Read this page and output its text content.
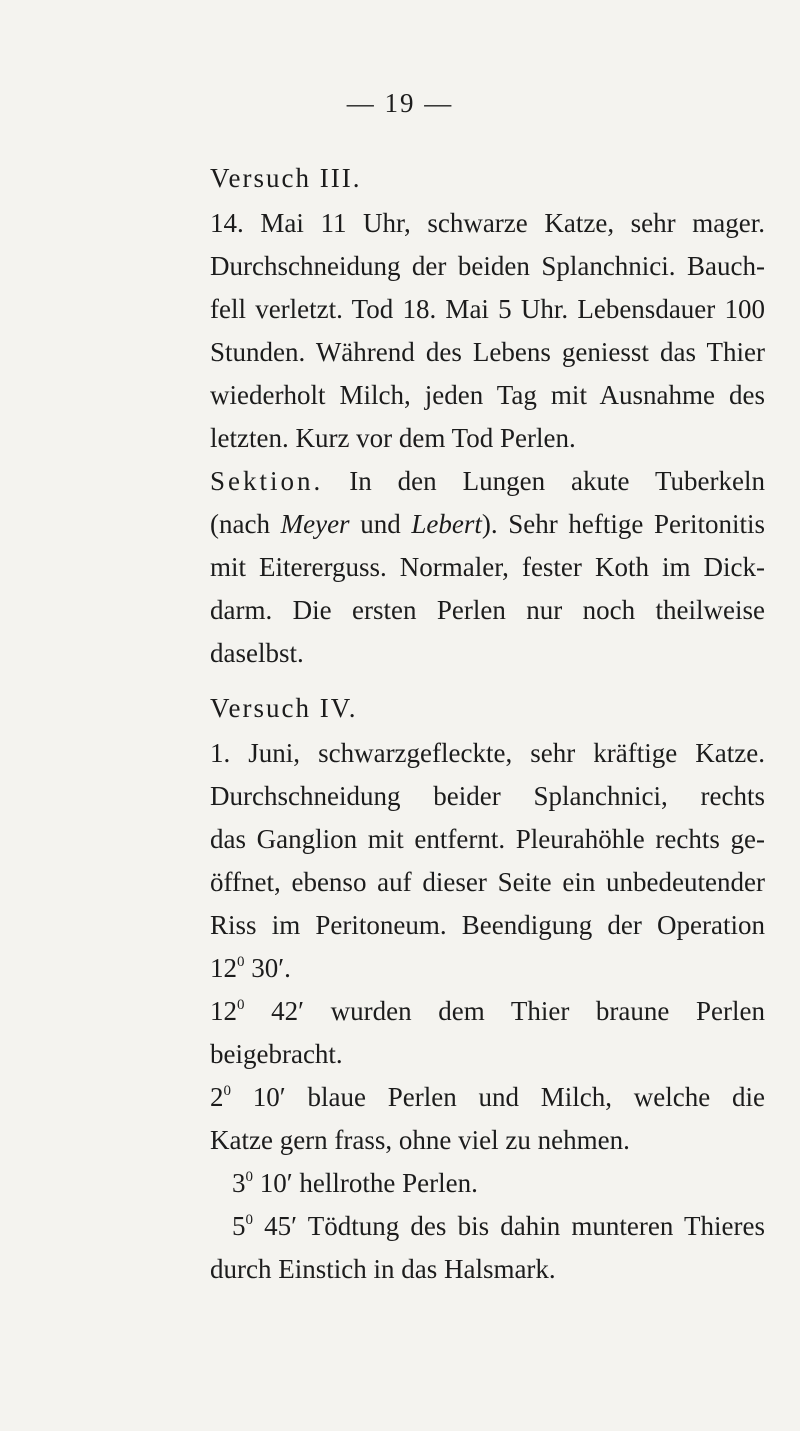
— 19 —
Versuch III.
14. Mai 11 Uhr, schwarze Katze, sehr mager.
Durchschneidung der beiden Splanchnici. Bauch-
fell verletzt. Tod 18. Mai 5 Uhr. Lebensdauer 100
Stunden. Während des Lebens geniesst das Thier
wiederholt Milch, jeden Tag mit Ausnahme des
letzten. Kurz vor dem Tod Perlen.
Sektion. In den Lungen akute Tuberkeln
(nach Meyer und Lebert). Sehr heftige Peritonitis
mit Eitererguss. Normaler, fester Koth im Dick-
darm. Die ersten Perlen nur noch theilweise
daselbst.
Versuch IV.
1. Juni, schwarzgefleckte, sehr kräftige Katze.
Durchschneidung beider Splanchnici, rechts
das Ganglion mit entfernt. Pleurahöhle rechts ge-
öffnet, ebenso auf dieser Seite ein unbedeutender
Riss im Peritoneum. Beendigung der Operation
$12^0$ 30′.
$12^0$ 42′ wurden dem Thier braune Perlen
beigebracht.
$2^0$ 10′ blaue Perlen und Milch, welche die
Katze gern frass, ohne viel zu nehmen.
$3^0$ 10′ hellrothe Perlen.
$5^0$ 45′ Tödtung des bis dahin munteren Thieres
durch Einstich in das Halsmark.
